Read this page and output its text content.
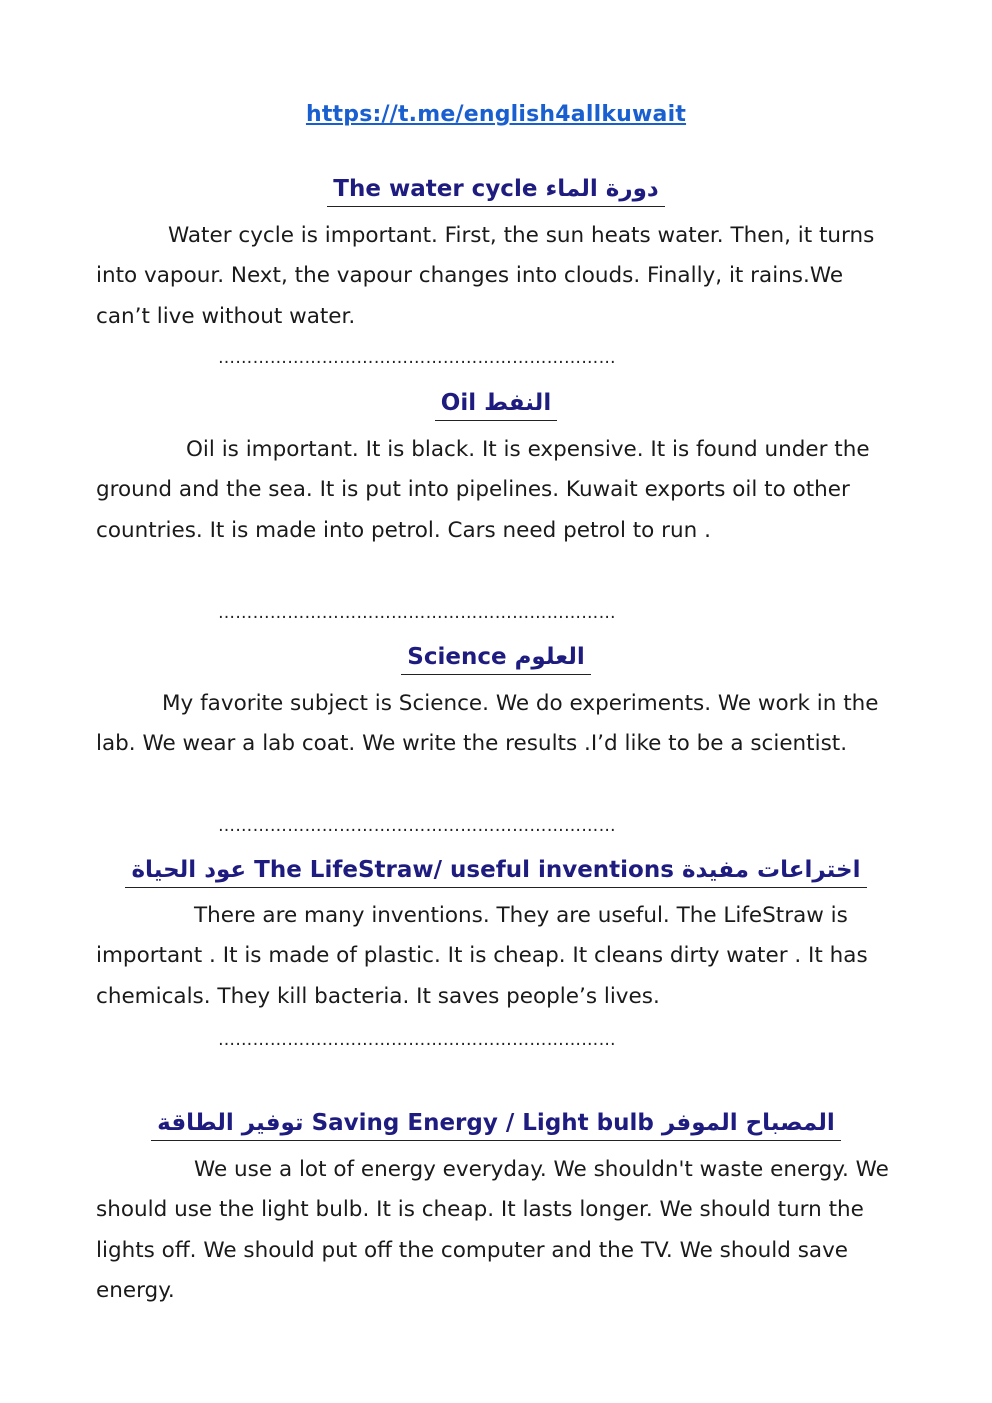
https://t.me/english4allkuwait
The water cycle دورة الماء

Water cycle is important. First, the sun heats water. Then, it turns into vapour. Next, the vapour changes into clouds. Finally, it rains.We can’t live without water.

……………………………………………………………
Oil النفط

Oil is important. It is black. It is expensive. It is found under the ground and the sea. It is put into pipelines. Kuwait exports oil to other countries. It is made into petrol. Cars need petrol to run .

……………………………………………………………
Science العلوم

My favorite subject is Science. We do experiments. We work in the lab. We wear a lab coat. We write the results .I’d like to be a scientist.

……………………………………………………………
عود الحياة The LifeStraw/ useful inventions اختراعات مفيدة

There are many inventions. They are useful. The LifeStraw is important . It is made of plastic. It is cheap. It cleans dirty water . It has chemicals. They kill bacteria. It saves people’s lives.

……………………………………………………………
توفير الطاقة Saving Energy / Light bulb المصباح الموفر

We use a lot of energy everyday. We shouldn't waste energy. We should use the light bulb. It is cheap. It lasts longer. We should turn the lights off. We should put off the computer and the TV. We should save energy.
